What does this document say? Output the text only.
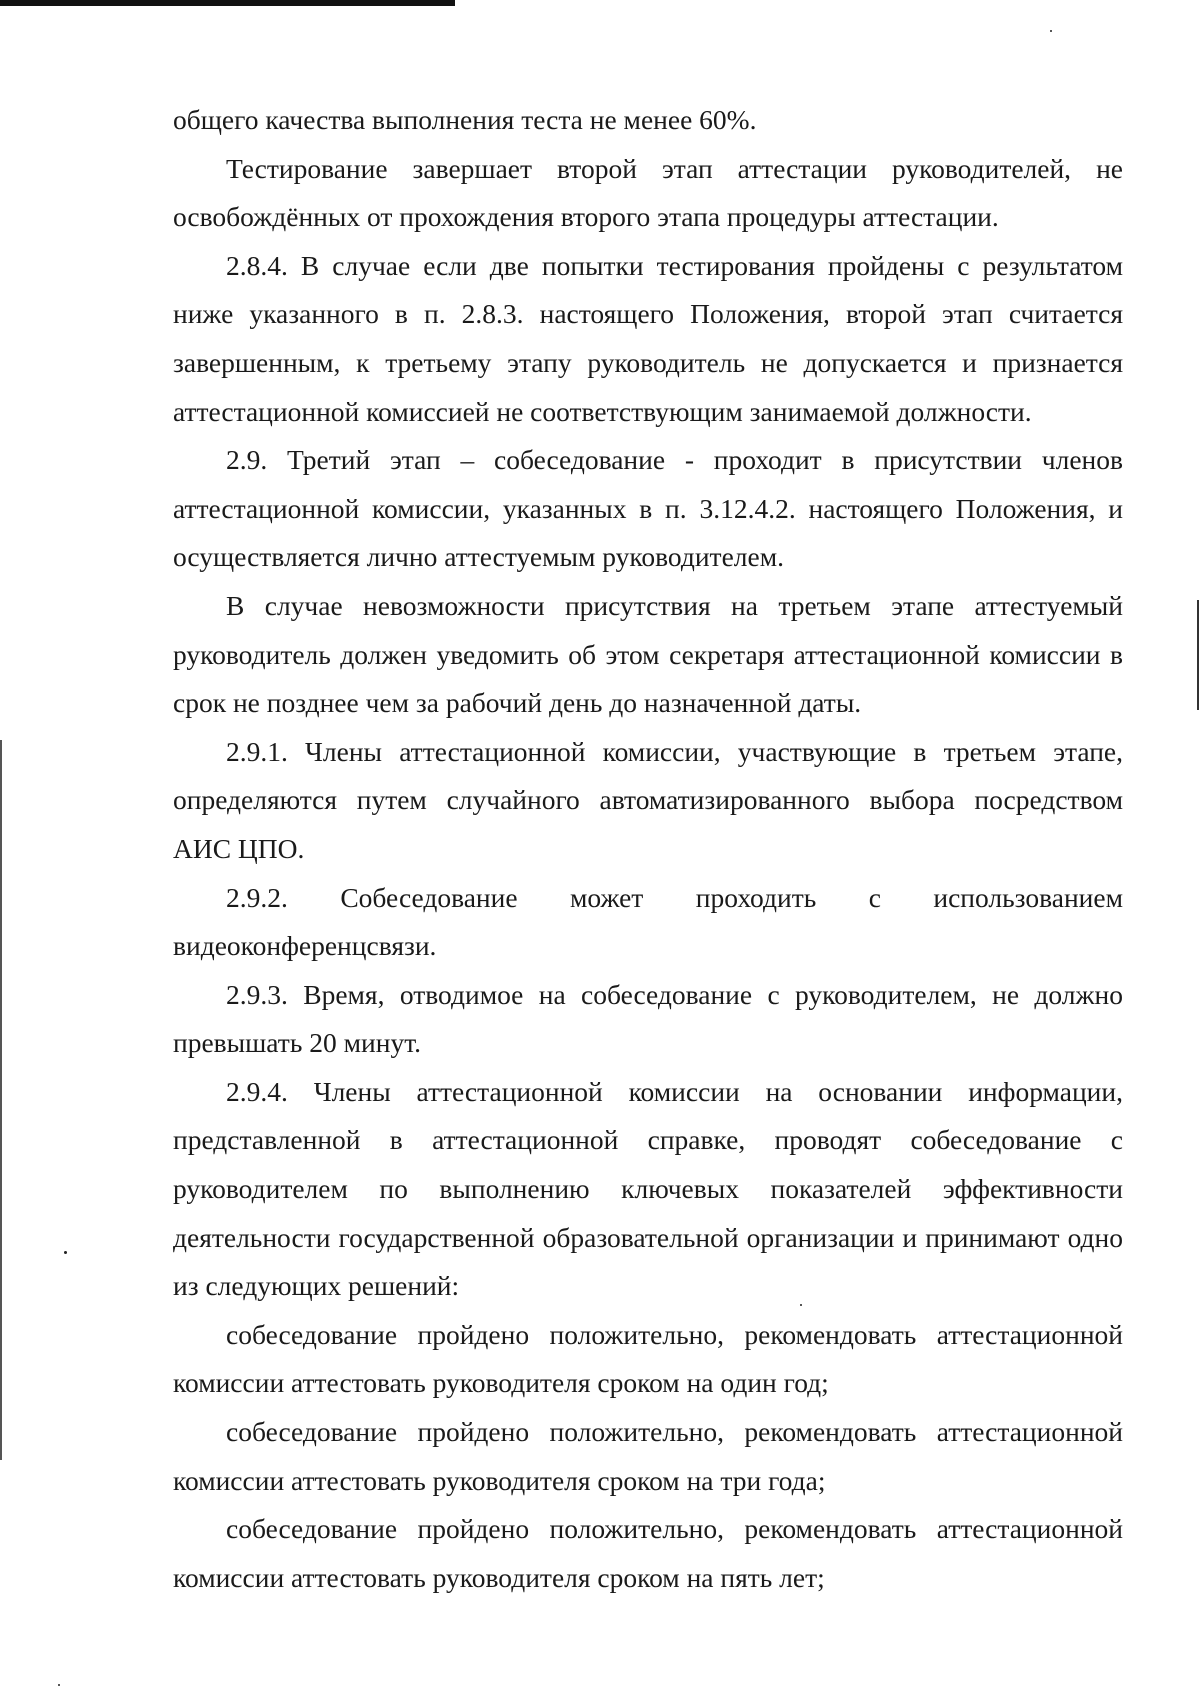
общего качества выполнения теста не менее 60%.

Тестирование завершает второй этап аттестации руководителей, не освобождённых от прохождения второго этапа процедуры аттестации.

2.8.4. В случае если две попытки тестирования пройдены с результатом ниже указанного в п. 2.8.3. настоящего Положения, второй этап считается завершенным, к третьему этапу руководитель не допускается и признается аттестационной комиссией не соответствующим занимаемой должности.

2.9. Третий этап – собеседование - проходит в присутствии членов аттестационной комиссии, указанных в п. 3.12.4.2. настоящего Положения, и осуществляется лично аттестуемым руководителем.

В случае невозможности присутствия на третьем этапе аттестуемый руководитель должен уведомить об этом секретаря аттестационной комиссии в срок не позднее чем за рабочий день до назначенной даты.

2.9.1. Члены аттестационной комиссии, участвующие в третьем этапе, определяются путем случайного автоматизированного выбора посредством АИС ЦПО.

2.9.2. Собеседование может проходить с использованием видеоконференцсвязи.

2.9.3. Время, отводимое на собеседование с руководителем, не должно превышать 20 минут.

2.9.4. Члены аттестационной комиссии на основании информации, представленной в аттестационной справке, проводят собеседование с руководителем по выполнению ключевых показателей эффективности деятельности государственной образовательной организации и принимают одно из следующих решений:

собеседование пройдено положительно, рекомендовать аттестационной комиссии аттестовать руководителя сроком на один год;

собеседование пройдено положительно, рекомендовать аттестационной комиссии аттестовать руководителя сроком на три года;

собеседование пройдено положительно, рекомендовать аттестационной комиссии аттестовать руководителя сроком на пять лет;
